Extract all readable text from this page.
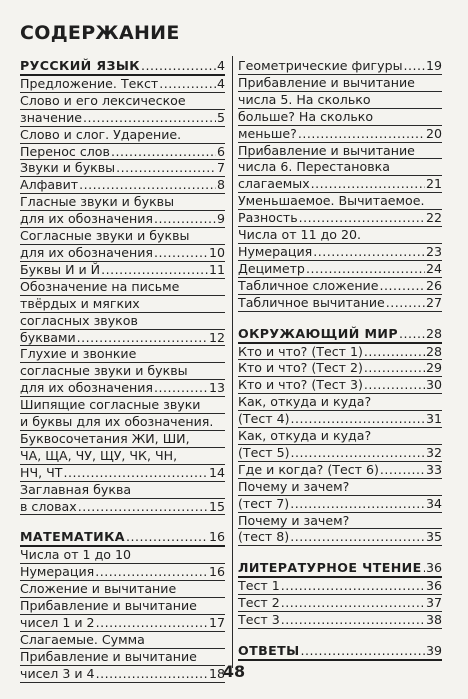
СОДЕРЖАНИЕ
РУССКИЙ ЯЗЫК .....	4
Предложение. Текст .....	4
Слово и его лексическое
значение .....	5
Слово и слог. Ударение.
Перенос слов .....	6
Звуки и буквы .....	7
Алфавит .....	8
Гласные звуки и буквы
для их обозначения .....	9
Согласные звуки и буквы
для их обозначения .....	10
Буквы И и Й .....	11
Обозначение на письме
твёрдых и мягких
согласных звуков
буквами .....	12
Глухие и звонкие
согласные звуки и буквы
для их обозначения .....	13
Шипящие согласные звуки
и буквы для их обозначения.
Буквосочетания ЖИ, ШИ,
ЧА, ЩА, ЧУ, ЩУ, ЧК, ЧН,
НЧ, ЧТ .....	14
Заглавная буква
в словах .....	15
МАТЕМАТИКА .....	16
Числа от 1 до 10
Нумерация .....	16
Сложение и вычитание
Прибавление и вычитание
чисел 1 и 2 .....	17
Слагаемые. Сумма
Прибавление и вычитание
чисел 3 и 4 .....	18
Геометрические фигуры ..... 19
Прибавление и вычитание
числа 5. На сколько
больше? На сколько
меньше? .....	20
Прибавление и вычитание
числа 6. Перестановка
слагаемых .....	21
Уменьшаемое. Вычитаемое.
Разность .....	22
Числа от 11 до 20.
Нумерация .....	23
Дециметр .....	24
Табличное сложение .....	26
Табличное вычитание .....	27
ОКРУЖАЮЩИЙ МИР ..... 28
Кто и что? (Тест 1) .....	28
Кто и что? (Тест 2) .....	29
Кто и что? (Тест 3) .....	30
Как, откуда и куда?
(Тест 4) .....	31
Как, откуда и куда?
(Тест 5) .....	32
Где и когда? (Тест 6) .....	33
Почему и зачем?
(тест 7) .....	34
Почему и зачем?
(тест 8) .....	35
ЛИТЕРАТУРНОЕ ЧТЕНИЕ ..... 36
Тест 1 .....	36
Тест 2 .....	37
Тест 3 .....	38
ОТВЕТЫ .....	39
48
